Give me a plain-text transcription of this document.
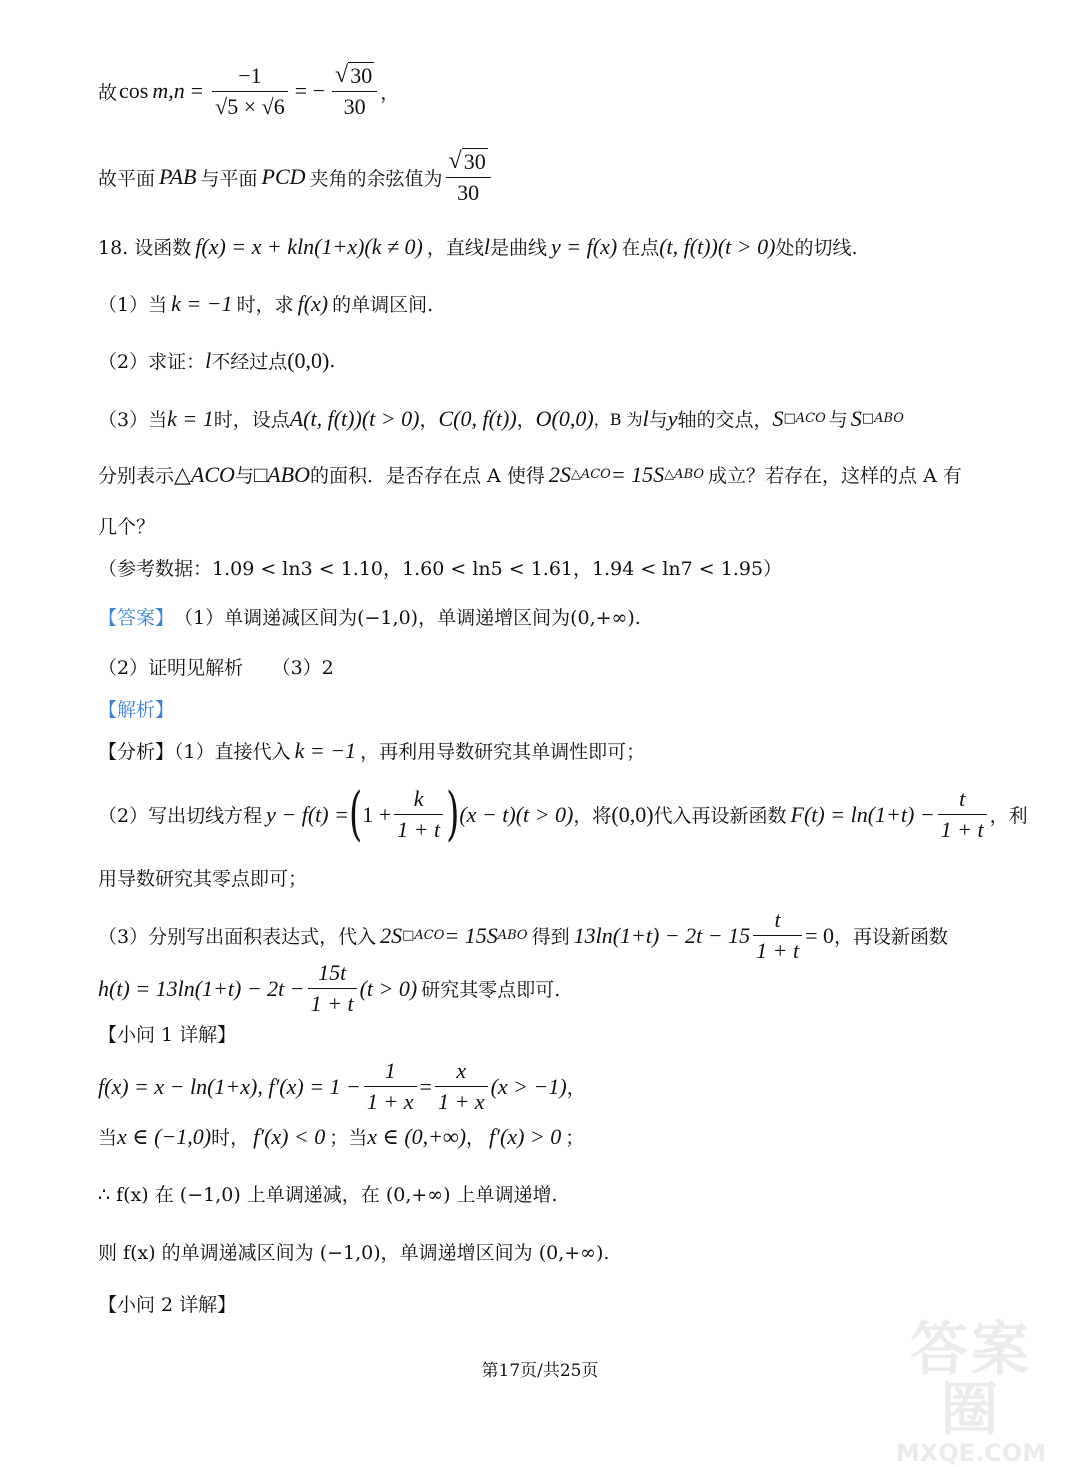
故 $\cos m,n = \frac{-1}{√5 \times √6}$ = − $\frac{√ 30}{30}$ ，
故平面 PAB 与平面 PCD 夹角的余弦值为 $\frac{√ 30}{30}$
18. 设函数 f(x) = x + kln(1+x)(k ≠ 0) ，直线 l 是曲线 y = f(x) 在点 (t, f(t))(t > 0) 处的切线.
（1）当 k = −1 时，求 f(x) 的单调区间.
（2）求证： l 不经过点 (0,0) .
（3）当 k = 1 时，设点 A(t, f(t))(t > 0) ， C(0, f(t)) ， O(0,0) ，B 为 l 与 y 轴的交点， S □ACO 与 S □ABO
分别表示 △ACO 与 □ABO 的面积．是否存在点 A 使得 2S △ACO = 15S △ABO 成立？若存在，这样的点 A 有
几个？
（参考数据：1.09 < ln3 < 1.10，1.60 < ln5 < 1.61，1.94 < ln7 < 1.95）
【答案】 （1）单调递减区间为(−1,0)，单调递增区间为(0,+∞).
（2）证明见解析　　（3）2
【解析】
【分析】（1）直接代入 k = −1 ，再利用导数研究其单调性即可；
（2）写出切线方程 y − f(t) = ( $1 + \frac{k}{1 + t}$ ) (x − t)(t > 0) ，将 (0,0) 代入再设新函数 $F(t) = \ln(1+t) - \frac{t}{1 + t}$ ，利
用导数研究其零点即可；
（3）分别写出面积表达式，代入 2S □ACO = 15S ABO 得到 $13\ln(1+t) - 2t - 15 \frac{t}{1 + t} = 0$ ，再设新函数
$h(t) = 13\ln(1+t) - 2t - \frac{15t}{1 + t} (t > 0)$ 研究其零点即可.
【小问 1 详解】
f(x) = x − ln(1+x), $f'(x) = 1 - \frac{1}{1 + x} = \frac{x}{1 + x} (x > -1)$ ，
当 x ∈ (−1,0) 时， f′(x) < 0 ；当 x ∈ (0,+∞) ， f′(x) > 0 ；
∴ f(x) 在 (−1,0) 上单调递减，在 (0,+∞) 上单调递增.
则 f(x) 的单调递减区间为 (−1,0)，单调递增区间为 (0,+∞).
【小问 2 详解】
第17页/共25页	答案圈
MXQE.COM
